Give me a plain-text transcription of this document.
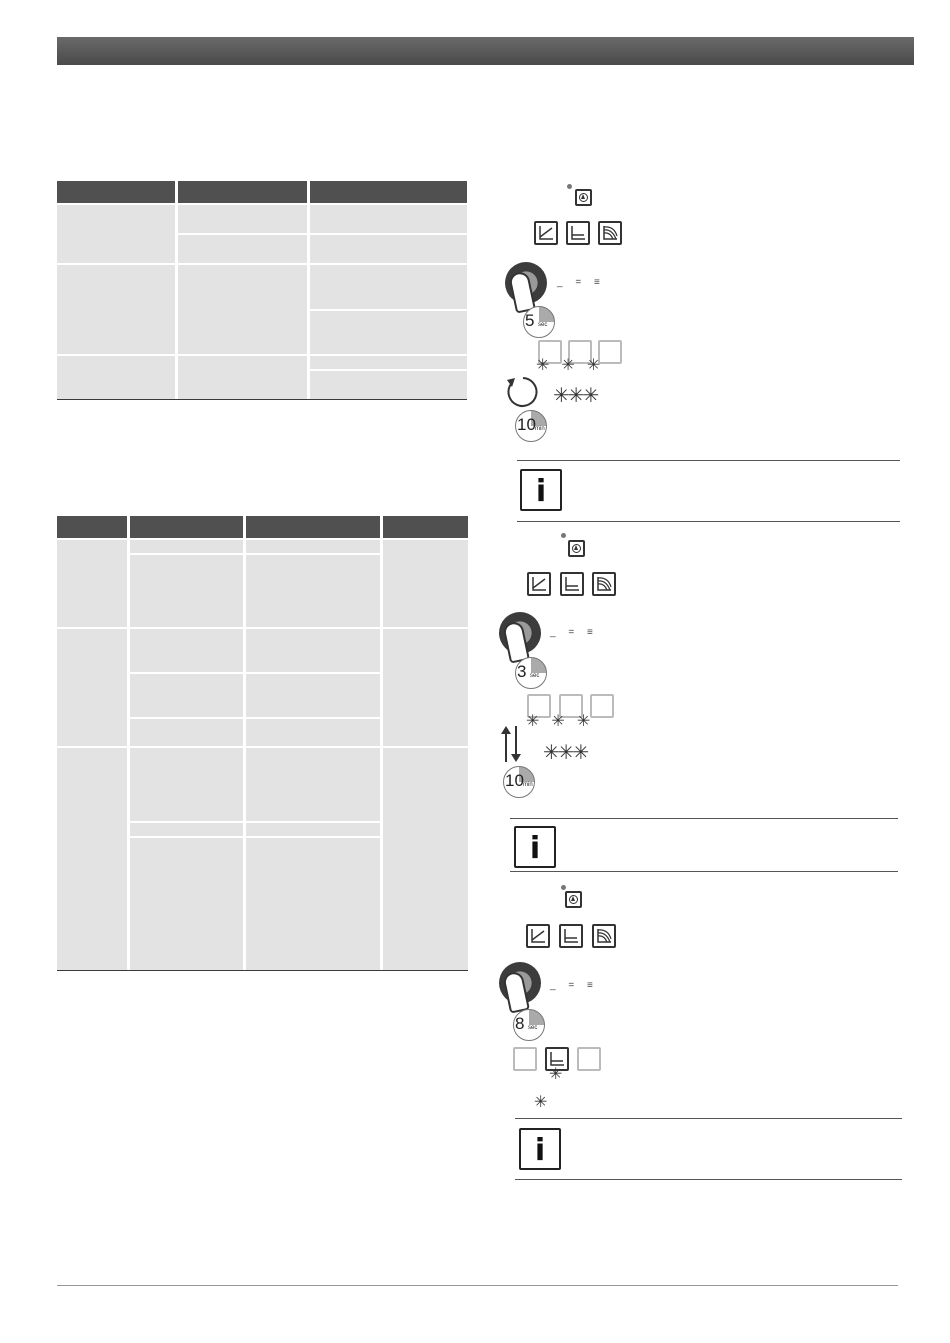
_ = ≡
5 sec
✳✳✳
✳✳✳
10 min
i
_ = ≡
3 sec
✳✳✳
✳✳✳
10 min
i
_ = ≡
8 sec
✳
✳
i
